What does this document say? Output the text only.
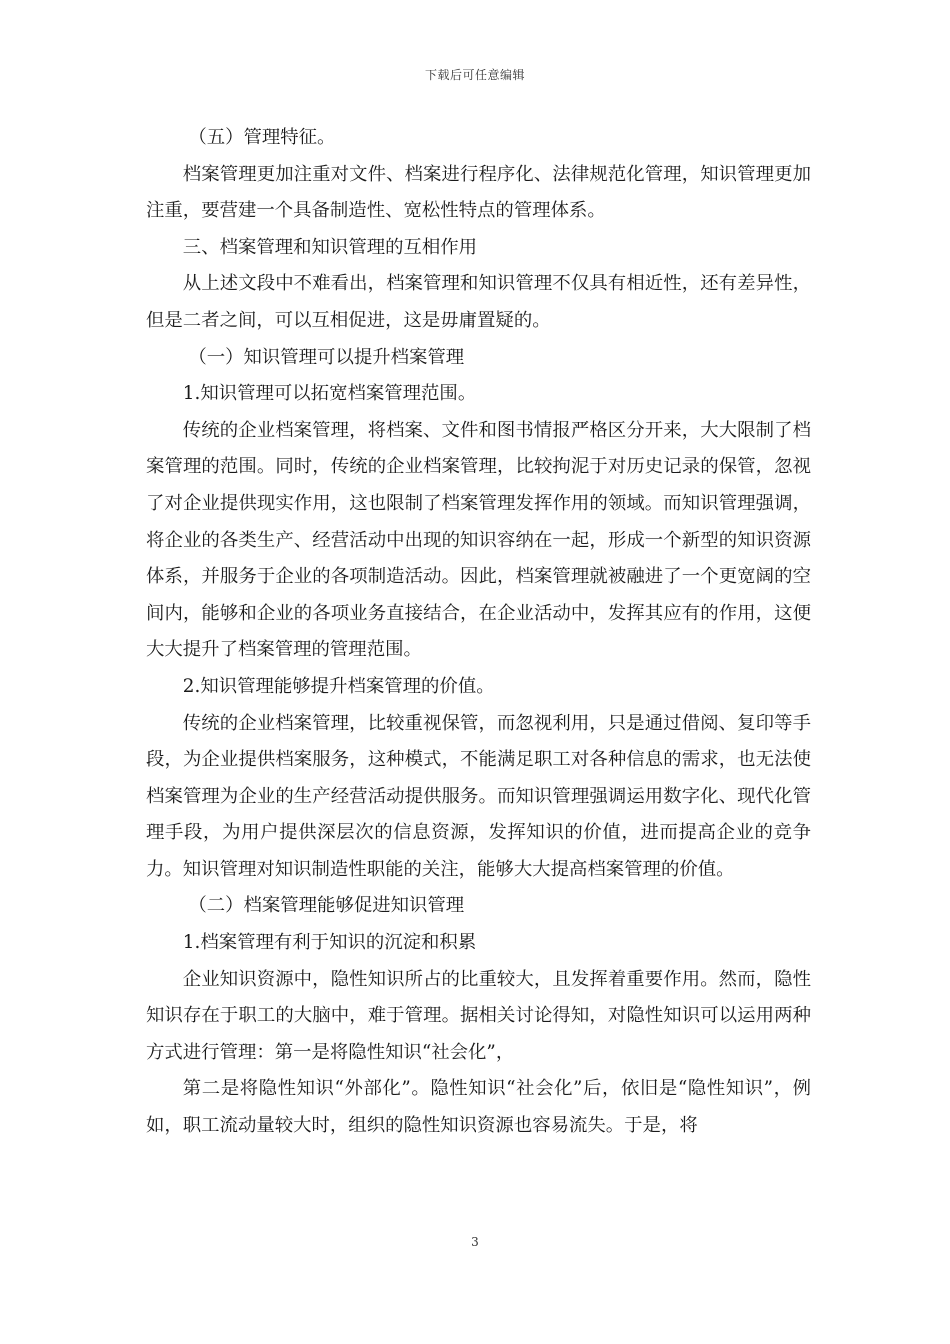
下载后可任意编辑

（五）管理特征。

档案管理更加注重对文件、档案进行程序化、法律规范化管理，知识管理更加注重，要营建一个具备制造性、宽松性特点的管理体系。

三、档案管理和知识管理的互相作用

从上述文段中不难看出，档案管理和知识管理不仅具有相近性，还有差异性，但是二者之间，可以互相促进，这是毋庸置疑的。

（一）知识管理可以提升档案管理

1.知识管理可以拓宽档案管理范围。

传统的企业档案管理，将档案、文件和图书情报严格区分开来，大大限制了档案管理的范围。同时，传统的企业档案管理，比较拘泥于对历史记录的保管，忽视了对企业提供现实作用，这也限制了档案管理发挥作用的领域。而知识管理强调，将企业的各类生产、经营活动中出现的知识容纳在一起，形成一个新型的知识资源体系，并服务于企业的各项制造活动。因此，档案管理就被融进了一个更宽阔的空间内，能够和企业的各项业务直接结合，在企业活动中，发挥其应有的作用，这便大大提升了档案管理的管理范围。

2.知识管理能够提升档案管理的价值。

传统的企业档案管理，比较重视保管，而忽视利用，只是通过借阅、复印等手段，为企业提供档案服务，这种模式，不能满足职工对各种信息的需求，也无法使档案管理为企业的生产经营活动提供服务。而知识管理强调运用数字化、现代化管理手段，为用户提供深层次的信息资源，发挥知识的价值，进而提高企业的竞争力。知识管理对知识制造性职能的关注，能够大大提高档案管理的价值。

（二）档案管理能够促进知识管理

1.档案管理有利于知识的沉淀和积累

企业知识资源中，隐性知识所占的比重较大，且发挥着重要作用。然而，隐性知识存在于职工的大脑中，难于管理。据相关讨论得知，对隐性知识可以运用两种方式进行管理：第一是将隐性知识“社会化”，

第二是将隐性知识“外部化”。隐性知识“社会化”后，依旧是“隐性知识”，例如，职工流动量较大时，组织的隐性知识资源也容易流失。于是，将

3
